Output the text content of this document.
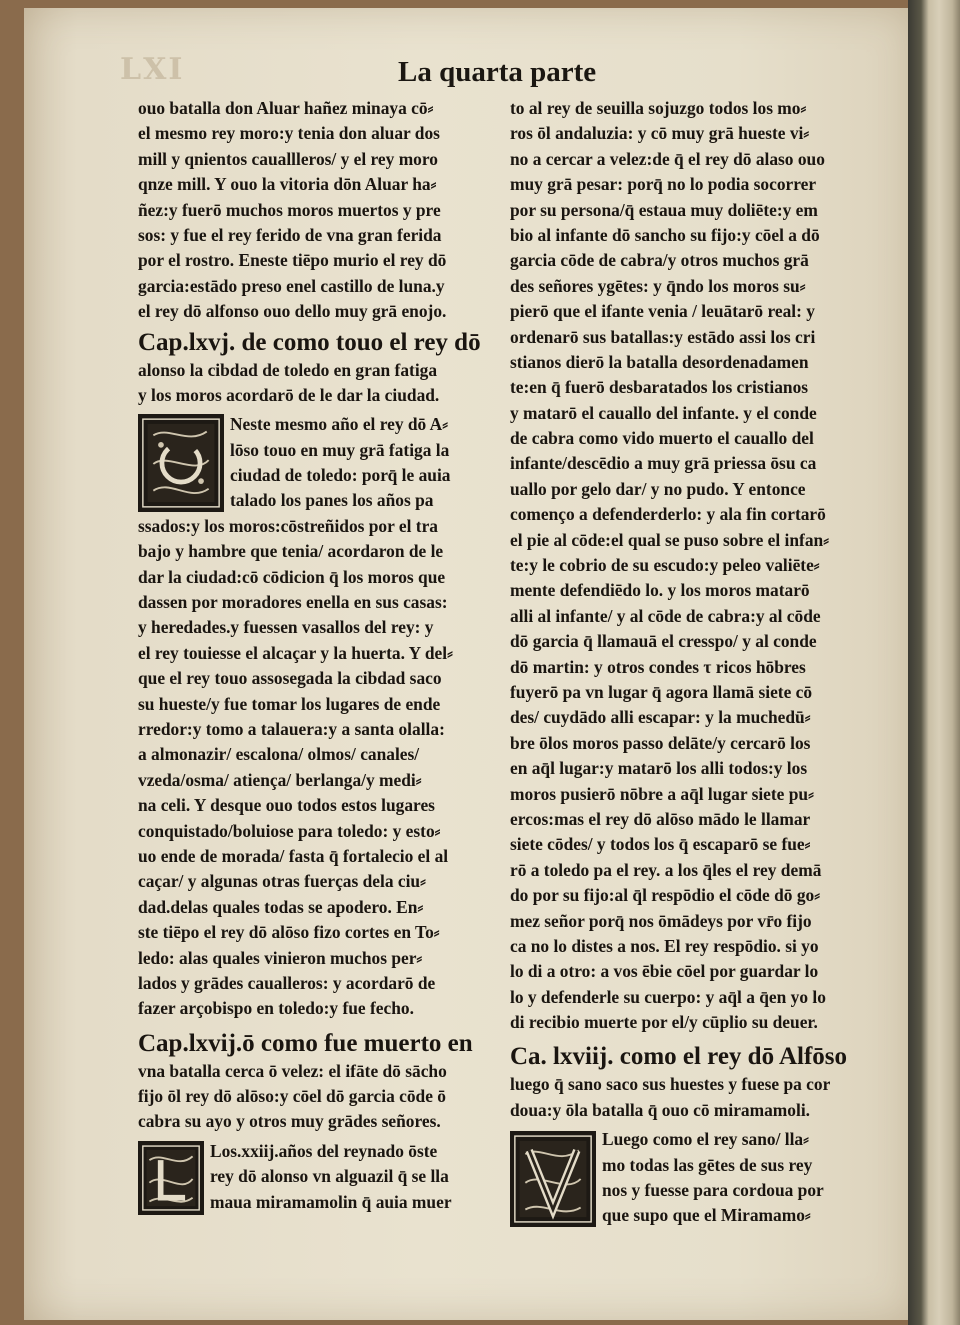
LXI	La quarta parte
ouo batalla don Aluar hañez minaya cō⸗
el mesmo rey moro:y tenia don aluar dos
mill y qnientos cauallleros/ y el rey moro
qnze mill. Y ouo la vitoria dōn Aluar ha⸗
ñez:y fuerō muchos moros muertos y pre
sos: y fue el rey ferido de vna gran ferida
por el rostro. Eneste tiēpo murio el rey dō
garcia:estādo preso enel castillo de luna.y
el rey dō alfonso ouo dello muy grā enojo.
Cap.lxvj. de como touo el rey dō
alonso la cibdad de toledo en gran fatiga
y los moros acordarō de le dar la ciudad.
Neste mesmo año el rey dō A⸗
lōso touo en muy grā fatiga la
ciudad de toledo: porq̄ le auia
talado los panes los años pa
ssados:y los moros:cōstreñidos por el tra
bajo y hambre que tenia/ acordaron de le
dar la ciudad:cō cōdicion q̄ los moros que
dassen por moradores enella en sus casas:
y heredades.y fuessen vasallos del rey: y
el rey touiesse el alcaçar y la huerta. Y del⸗
que el rey touo assosegada la cibdad saco
su hueste/y fue tomar los lugares de ende
rredor:y tomo a talauera:y a santa olalla:
a almonazir/ escalona/ olmos/ canales/
vzeda/osma/ atiença/ berlanga/y medi⸗
na celi. Y desque ouo todos estos lugares
conquistado/boluiose para toledo: y esto⸗
uo ende de morada/ fasta q̄ fortalecio el al
caçar/ y algunas otras fuerças dela ciu⸗
dad.delas quales todas se apodero. En⸗
ste tiēpo el rey dō alōso fizo cortes en To⸗
ledo: alas quales vinieron muchos per⸗
lados y grādes caualleros: y acordarō de
fazer arçobispo en toledo:y fue fecho.
Cap.lxvij.ō como fue muerto en
vna batalla cerca ō velez: el ifāte dō sācho
fijo ōl rey dō alōso:y cōel dō garcia cōde ō
cabra su ayo y otros muy grādes señores.
Los.xxiij.años del reynado ōste
rey dō alonso vn alguazil q̄ se lla
maua miramamolin q̄ auia muer
to al rey de seuilla sojuzgo todos los mo⸗
ros ōl andaluzia: y cō muy grā hueste vi⸗
no a cercar a velez:de q̄ el rey dō alaso ouo
muy grā pesar: porq̄ no lo podia socorrer
por su persona/q̄ estaua muy doliēte:y em
bio al infante dō sancho su fijo:y cōel a dō
garcia cōde de cabra/y otros muchos grā
des señores ygētes: y q̄ndo los moros su⸗
pierō que el ifante venia / leuātarō real: y
ordenarō sus batallas:y estādo assi los cri
stianos dierō la batalla desordenadamen
te:en q̄ fuerō desbaratados los cristianos
y matarō el cauallo del infante. y el conde
de cabra como vido muerto el cauallo del
infante/descēdio a muy grā priessa ōsu ca
uallo por gelo dar/ y no pudo. Y entonce
començo a defenderderlo: y ala fin cortarō
el pie al cōde:el qual se puso sobre el infan⸗
te:y le cobrio de su escudo:y peleo valiēte⸗
mente defendiēdo lo. y los moros matarō
alli al infante/ y al cōde de cabra:y al cōde
dō garcia q̄ llamauā el cresspo/ y al conde
dō martin: y otros condes τ ricos hōbres
fuyerō pa vn lugar q̄ agora llamā siete cō
des/ cuydādo alli escapar: y la muchedū⸗
bre ōlos moros passo delāte/y cercarō los
en aq̄l lugar:y matarō los alli todos:y los
moros pusierō nōbre a aq̄l lugar siete pu⸗
ercos:mas el rey dō alōso mādo le llamar
siete cōdes/ y todos los q̄ escaparō se fue⸗
rō a toledo pa el rey. a los q̄les el rey demā
do por su fijo:al q̄l respōdio el cōde dō go⸗
mez señor porq̄ nos ōmādeys por vr̄o fijo
ca no lo distes a nos. El rey respōdio. si yo
lo di a otro: a vos ēbie cōel por guardar lo
lo y defenderle su cuerpo: y aq̄l a q̄en yo lo
di recibio muerte por el/y cūplio su deuer.
Ca. lxviij. como el rey dō Alfōso
luego q̄ sano saco sus huestes y fuese pa cor
doua:y ōla batalla q̄ ouo cō miramamoli.
Luego como el rey sano/ lla⸗
mo todas las gētes de sus rey
nos y fuesse para cordoua por
que supo que el Miramamo⸗
